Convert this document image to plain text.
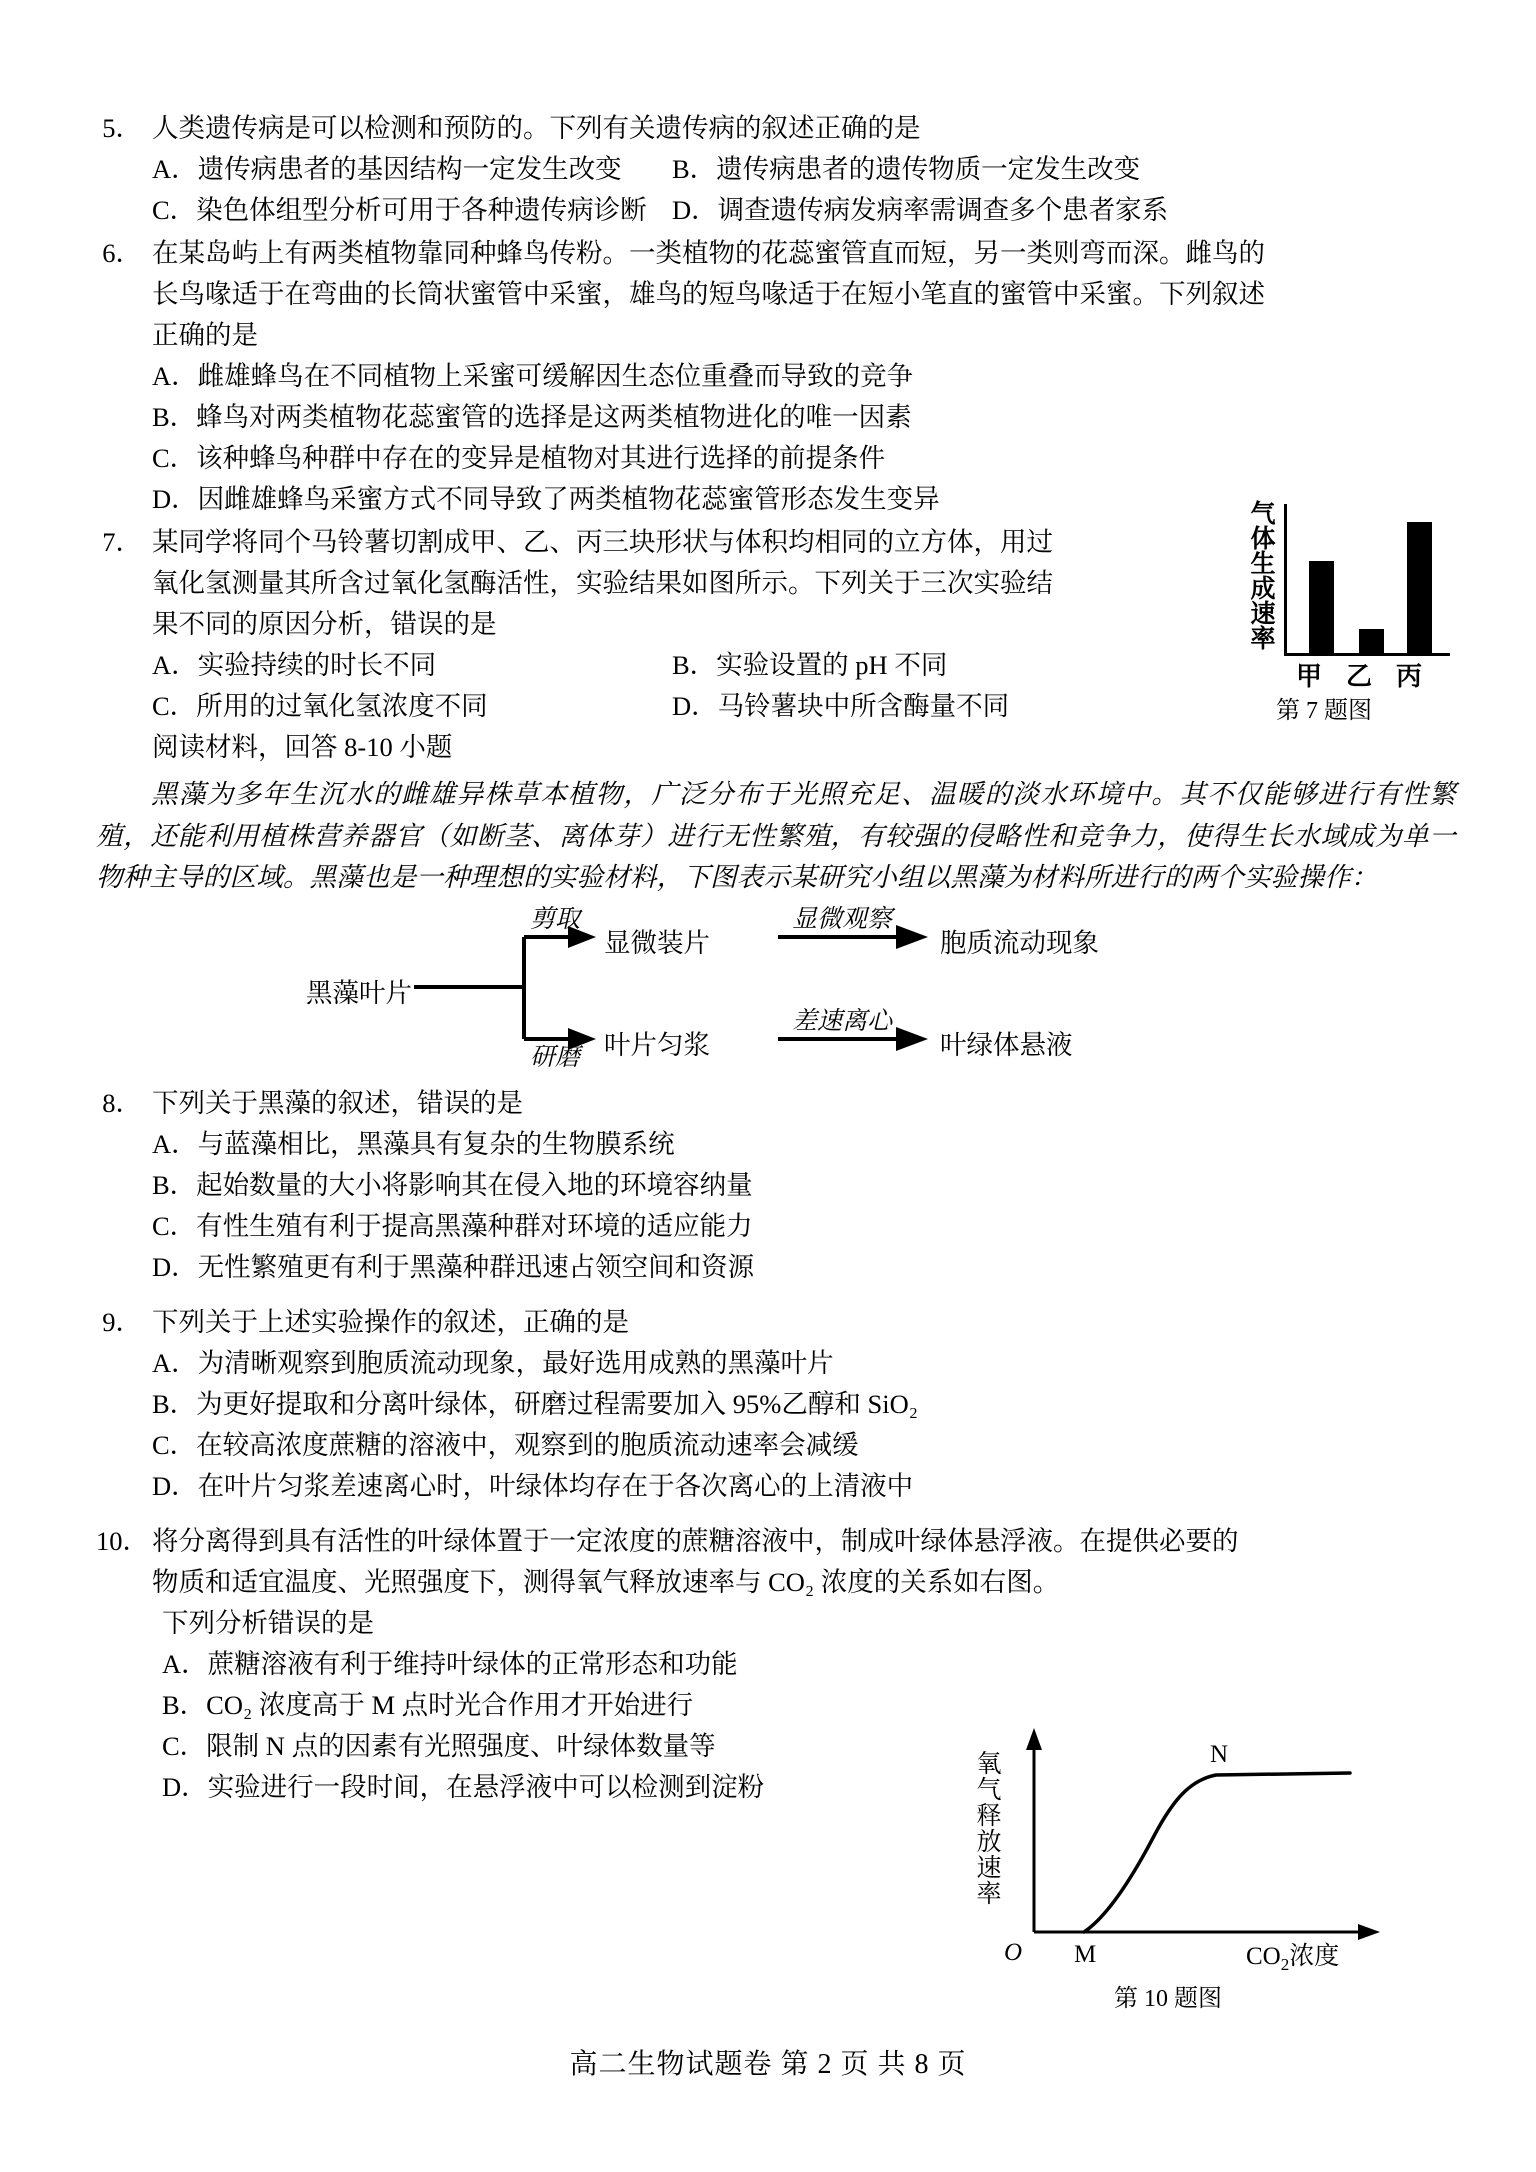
5． 人类遗传病是可以检测和预防的。下列有关遗传病的叙述正确的是
A．遗传病患者的基因结构一定发生改变	B．遗传病患者的遗传物质一定发生改变
C．染色体组型分析可用于各种遗传病诊断 D．调查遗传病发病率需调查多个患者家系
6． 在某岛屿上有两类植物靠同种蜂鸟传粉。一类植物的花蕊蜜管直而短，另一类则弯而深。雌鸟的
长鸟喙适于在弯曲的长筒状蜜管中采蜜，雄鸟的短鸟喙适于在短小笔直的蜜管中采蜜。下列叙述
正确的是
A．雌雄蜂鸟在不同植物上采蜜可缓解因生态位重叠而导致的竞争
B．蜂鸟对两类植物花蕊蜜管的选择是这两类植物进化的唯一因素
C．该种蜂鸟种群中存在的变异是植物对其进行选择的前提条件
D．因雌雄蜂鸟采蜜方式不同导致了两类植物花蕊蜜管形态发生变异
7． 某同学将同个马铃薯切割成甲、乙、丙三块形状与体积均相同的立方体，用过
氧化氢测量其所含过氧化氢酶活性，实验结果如图所示。下列关于三次实验结
果不同的原因分析，错误的是
A．实验持续的时长不同	B．实验设置的 pH 不同
C．所用的过氧化氢浓度不同	D．马铃薯块中所含酶量不同
阅读材料，回答 8-10 小题
黑藻为多年生沉水的雌雄异株草本植物，广泛分布于光照充足、温暖的淡水环境中。其不仅能够进行有性繁殖，还能利用植株营养器官（如断茎、离体芽）进行无性繁殖，有较强的侵略性和竞争力，使得生长水域成为单一物种主导的区域。黑藻也是一种理想的实验材料，下图表示某研究小组以黑藻为材料所进行的两个实验操作：
黑藻叶片
剪取
研磨
显微装片
叶片匀浆
显微观察
差速离心
胞质流动现象
叶绿体悬液
8． 下列关于黑藻的叙述，错误的是
A．与蓝藻相比，黑藻具有复杂的生物膜系统
B．起始数量的大小将影响其在侵入地的环境容纳量
C．有性生殖有利于提高黑藻种群对环境的适应能力
D．无性繁殖更有利于黑藻种群迅速占领空间和资源
9． 下列关于上述实验操作的叙述，正确的是
A．为清晰观察到胞质流动现象，最好选用成熟的黑藻叶片
B．为更好提取和分离叶绿体，研磨过程需要加入 95%乙醇和 SiO₂
C．在较高浓度蔗糖的溶液中，观察到的胞质流动速率会减缓
D．在叶片匀浆差速离心时，叶绿体均存在于各次离心的上清液中
10． 将分离得到具有活性的叶绿体置于一定浓度的蔗糖溶液中，制成叶绿体悬浮液。在提供必要的
物质和适宜温度、光照强度下，测得氧气释放速率与 CO₂ 浓度的关系如右图。
下列分析错误的是
A．蔗糖溶液有利于维持叶绿体的正常形态和功能
B．CO₂ 浓度高于 M 点时光合作用才开始进行
C．限制 N 点的因素有光照强度、叶绿体数量等
D．实验进行一段时间，在悬浮液中可以检测到淀粉
气体生成速率
甲 乙 丙
第 7 题图
氧气释放速率
O M
N
$CO_2$浓度
第 10 题图
高二生物试题卷 第 2 页 共 8 页
